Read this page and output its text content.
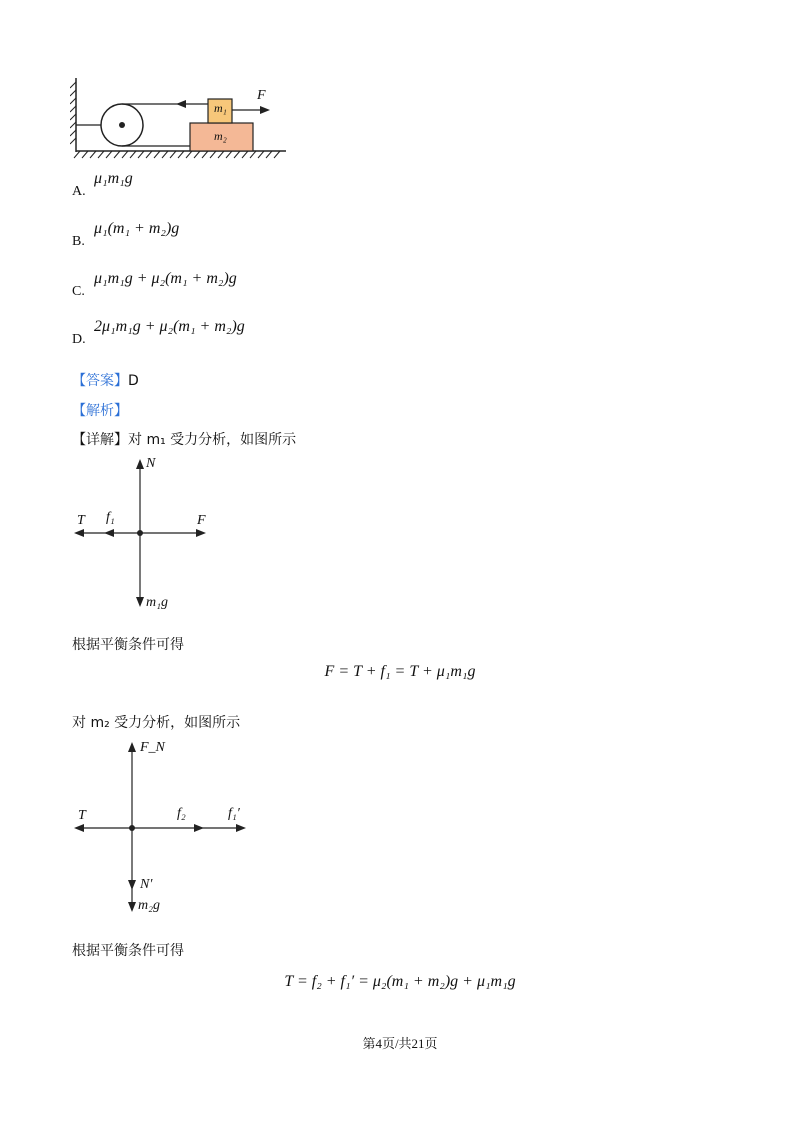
F
m₁
m₂
A.
μ₁m₁g
B.
μ₁(m₁ + m₂)g
C.
μ₁m₁g + μ₂(m₁ + m₂)g
D.
2μ₁m₁g + μ₂(m₁ + m₂)g
【答案】D
【解析】
【详解】对 m₁ 受力分析，如图所示
N
T f₁	F
m₁g
根据平衡条件可得
F = T + f₁ = T + μ₁m₁g
对 m₂ 受力分析，如图所示
F_N
T	f₂	f₁′
N′
m₂g
根据平衡条件可得
T = f₂ + f₁′ = μ₂(m₁ + m₂)g + μ₁m₁g
第4页/共21页
